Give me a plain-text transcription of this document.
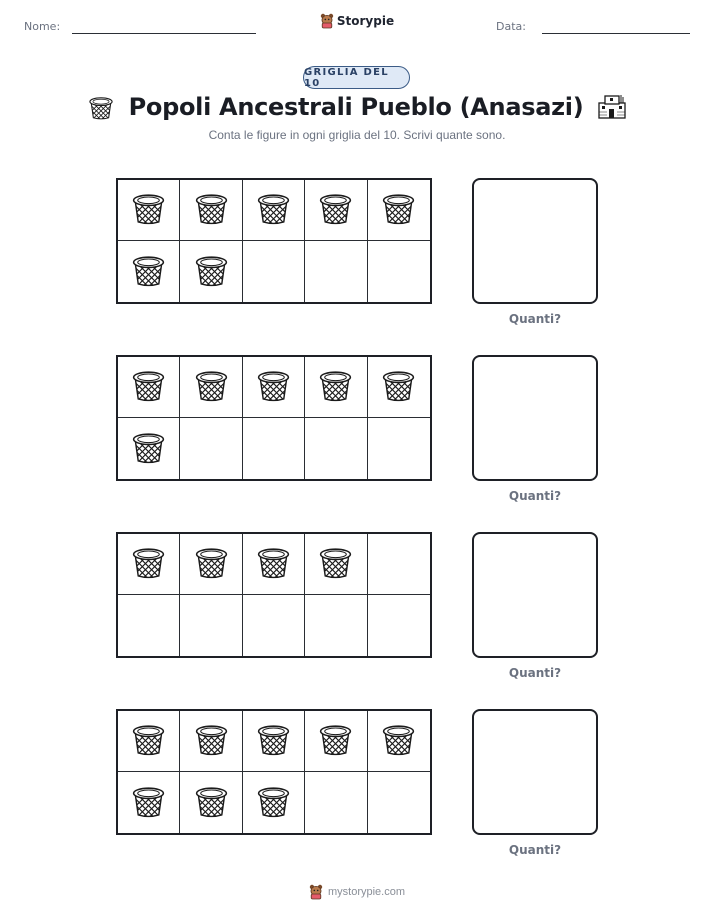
Nome:	Storypie	Data:
GRIGLIA DEL 10
Popoli Ancestrali Pueblo (Anasazi)
Conta le figure in ogni griglia del 10. Scrivi quante sono.
Quanti?
Quanti?
Quanti?
Quanti?
mystorypie.com
